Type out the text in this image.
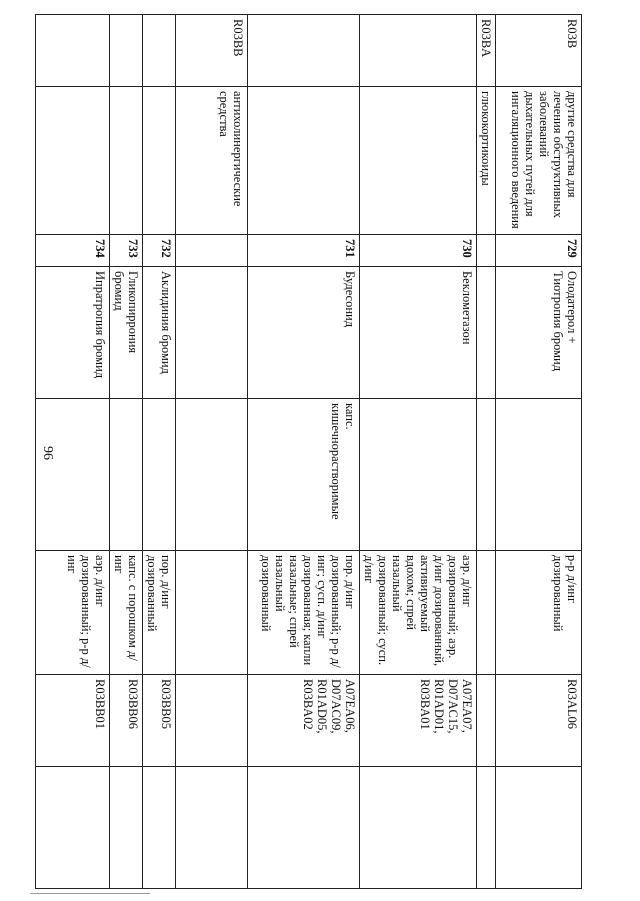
96
R03B	другие средства для лечения обструктивных заболеваний дыхательных путей для ингаляционного введения	729	Олодатерол + Тиотропия бромид		р-р д/инг дозированный	R03AL06	
R03BA	глюкокортикоиды						
		730	Беклометазон		аэр. д/инг дозированный; аэр. д/инг дозированный, активируемый вдохом; спрей назальный дозированный; сусп. д/инг	A07EA07, D07AC15, R01AD01, R03BA01	
		731	Будесонид	капс. кишечнорастворимые	пор. д/инг дозированный; р-р д/инг; сусп. д/инг дозированная; капли назальные; спрей назальный дозированный	A07EA06, D07AC09, R01AD05, R03BA02	
R03BB	антихолинергические средства						
		732	Аклидиния бромид		пор. д/инг дозированный	R03BB05	
		733	Гликопиррония бромид		капс. с порошком д/инг	R03BB06	
		734	Ипратропия бромид		аэр. д/инг дозированный; р-р д/инг	R03BB01	
